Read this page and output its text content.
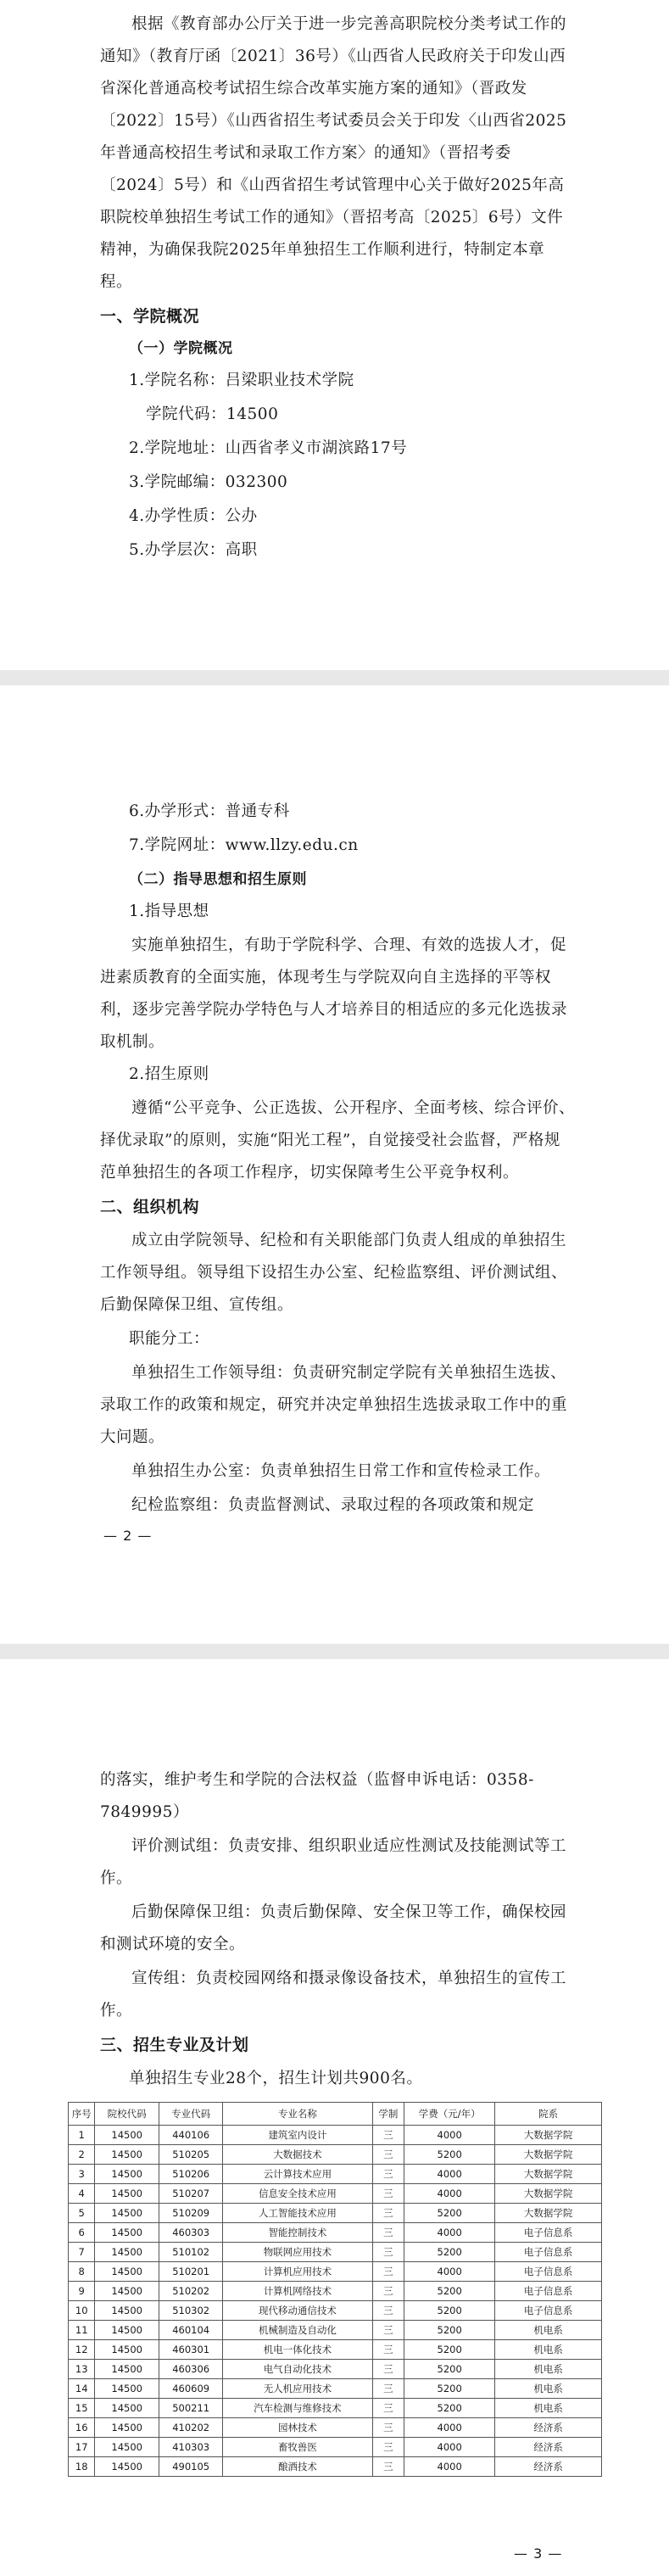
根据《教育部办公厅关于进一步完善高职院校分类考试工作的通知》（教育厅函〔2021〕36号）《山西省人民政府关于印发山西省深化普通高校考试招生综合改革实施方案的通知》（晋政发〔2022〕15号）《山西省招生考试委员会关于印发〈山西省2025年普通高校招生考试和录取工作方案〉的通知》（晋招考委〔2024〕5号）和《山西省招生考试管理中心关于做好2025年高职院校单独招生考试工作的通知》（晋招考高〔2025〕6号）文件精神，为确保我院2025年单独招生工作顺利进行，特制定本章程。
一、学院概况
（一）学院概况
1.学院名称：吕梁职业技术学院
学院代码：14500
2.学院地址：山西省孝义市湖滨路17号
3.学院邮编：032300
4.办学性质：公办
5.办学层次：高职
6.办学形式：普通专科
7.学院网址：www.llzy.edu.cn
（二）指导思想和招生原则
1.指导思想
实施单独招生，有助于学院科学、合理、有效的选拔人才，促进素质教育的全面实施，体现考生与学院双向自主选择的平等权利，逐步完善学院办学特色与人才培养目的相适应的多元化选拔录取机制。
2.招生原则
遵循“公平竞争、公正选拔、公开程序、全面考核、综合评价、择优录取”的原则，实施“阳光工程”，自觉接受社会监督，严格规范单独招生的各项工作程序，切实保障考生公平竞争权利。
二、组织机构
成立由学院领导、纪检和有关职能部门负责人组成的单独招生工作领导组。领导组下设招生办公室、纪检监察组、评价测试组、后勤保障保卫组、宣传组。
职能分工：
单独招生工作领导组：负责研究制定学院有关单独招生选拔、录取工作的政策和规定，研究并决定单独招生选拔录取工作中的重大问题。
单独招生办公室：负责单独招生日常工作和宣传检录工作。
纪检监察组：负责监督测试、录取过程的各项政策和规定
— 2 —
的落实，维护考生和学院的合法权益（监督申诉电话：0358-7849995）
评价测试组：负责安排、组织职业适应性测试及技能测试等工作。
后勤保障保卫组：负责后勤保障、安全保卫等工作，确保校园和测试环境的安全。
宣传组：负责校园网络和摄录像设备技术，单独招生的宣传工作。
三、招生专业及计划
单独招生专业28个，招生计划共900名。
序号	院校代码	专业代码	专业名称	学制	学费（元/年）	院系
1	14500	440106	建筑室内设计	三	4000	大数据学院
2	14500	510205	大数据技术	三	5200	大数据学院
3	14500	510206	云计算技术应用	三	4000	大数据学院
4	14500	510207	信息安全技术应用	三	4000	大数据学院
5	14500	510209	人工智能技术应用	三	5200	大数据学院
6	14500	460303	智能控制技术	三	4000	电子信息系
7	14500	510102	物联网应用技术	三	5200	电子信息系
8	14500	510201	计算机应用技术	三	4000	电子信息系
9	14500	510202	计算机网络技术	三	5200	电子信息系
10	14500	510302	现代移动通信技术	三	5200	电子信息系
11	14500	460104	机械制造及自动化	三	5200	机电系
12	14500	460301	机电一体化技术	三	5200	机电系
13	14500	460306	电气自动化技术	三	5200	机电系
14	14500	460609	无人机应用技术	三	5200	机电系
15	14500	500211	汽车检测与维修技术	三	5200	机电系
16	14500	410202	园林技术	三	4000	经济系
17	14500	410303	畜牧兽医	三	4000	经济系
18	14500	490105	酿酒技术	三	4000	经济系
— 3 —
